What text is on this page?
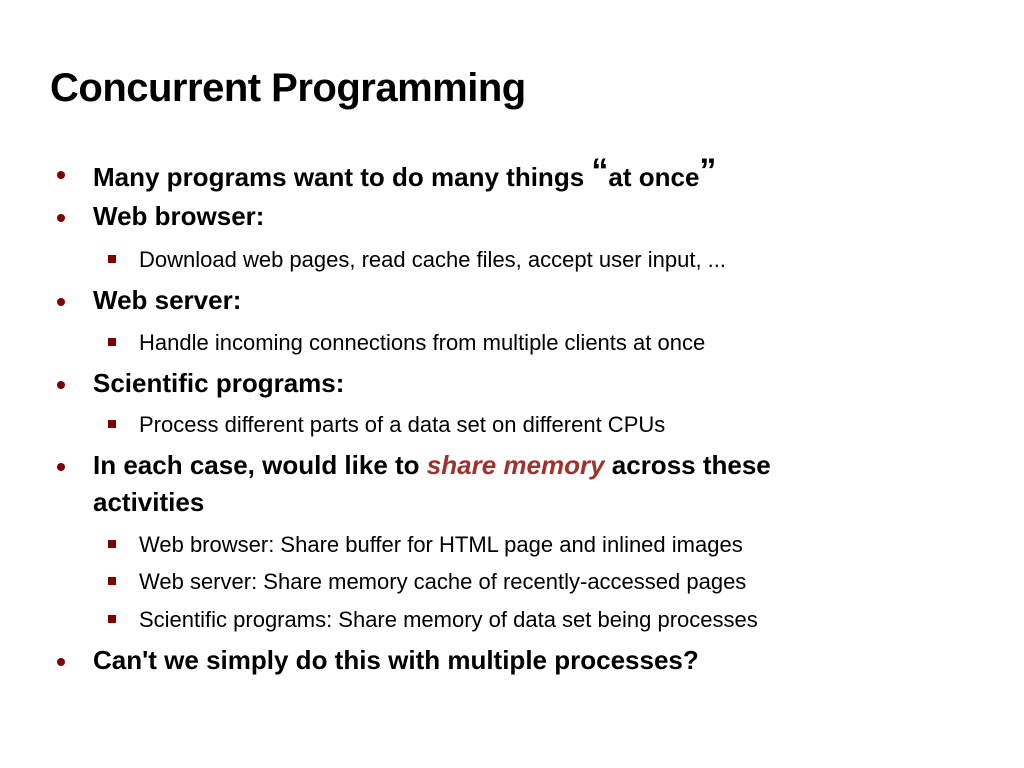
Concurrent Programming
Many programs want to do many things “at once”
Web browser:
Download web pages, read cache files, accept user input, ...
Web server:
Handle incoming connections from multiple clients at once
Scientific programs:
Process different parts of a data set on different CPUs
In each case, would like to share memory across these
activities
Web browser: Share buffer for HTML page and inlined images
Web server: Share memory cache of recently-accessed pages
Scientific programs: Share memory of data set being processes
Can't we simply do this with multiple processes?
